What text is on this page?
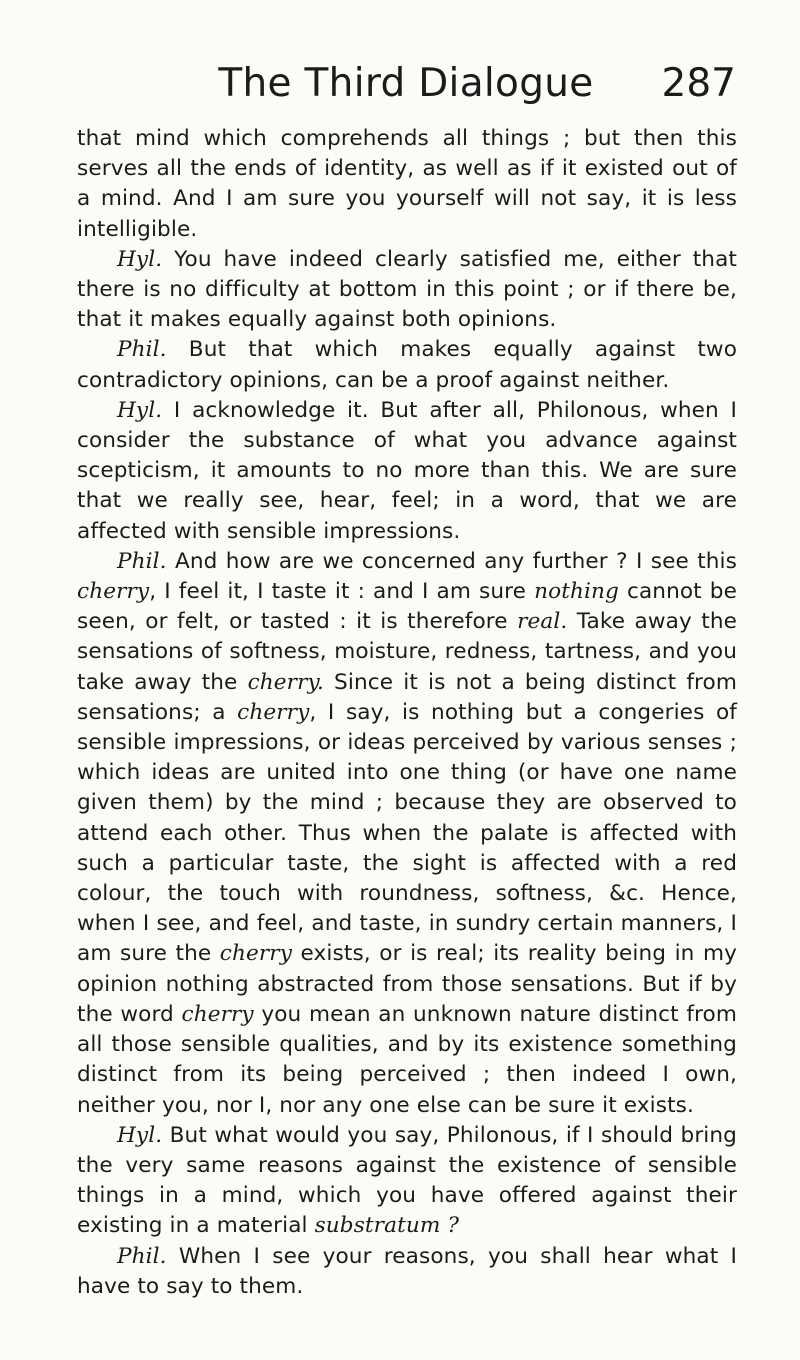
The Third Dialogue	287

that mind which comprehends all things ; but then this serves all the ends of identity, as well as if it existed out of a mind. And I am sure you yourself will not say, it is less intelligible.

Hyl. You have indeed clearly satisfied me, either that there is no difficulty at bottom in this point ; or if there be, that it makes equally against both opinions.

Phil. But that which makes equally against two contradictory opinions, can be a proof against neither.

Hyl. I acknowledge it. But after all, Philonous, when I consider the substance of what you advance against scepticism, it amounts to no more than this. We are sure that we really see, hear, feel; in a word, that we are affected with sensible impressions.

Phil. And how are we concerned any further ? I see this cherry, I feel it, I taste it : and I am sure nothing cannot be seen, or felt, or tasted : it is therefore real. Take away the sensations of softness, moisture, redness, tartness, and you take away the cherry. Since it is not a being distinct from sensations; a cherry, I say, is nothing but a congeries of sensible impressions, or ideas perceived by various senses ; which ideas are united into one thing (or have one name given them) by the mind ; because they are observed to attend each other. Thus when the palate is affected with such a particular taste, the sight is affected with a red colour, the touch with roundness, softness, &c. Hence, when I see, and feel, and taste, in sundry certain manners, I am sure the cherry exists, or is real; its reality being in my opinion nothing abstracted from those sensations. But if by the word cherry you mean an unknown nature distinct from all those sensible qualities, and by its existence something distinct from its being perceived ; then indeed I own, neither you, nor I, nor any one else can be sure it exists.

Hyl. But what would you say, Philonous, if I should bring the very same reasons against the existence of sensible things in a mind, which you have offered against their existing in a material substratum ?

Phil. When I see your reasons, you shall hear what I have to say to them.
